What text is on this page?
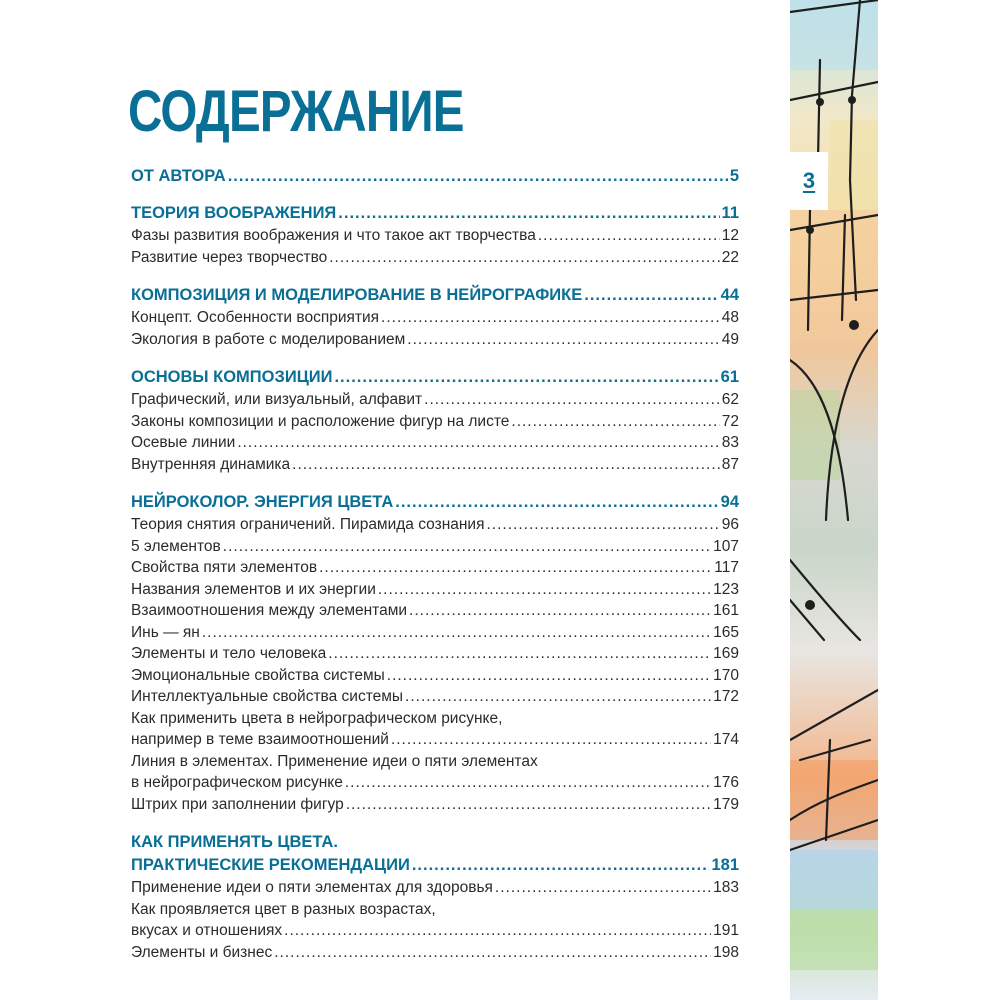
СОДЕРЖАНИЕ
ОТ АВТОРА .....	5
ТЕОРИЯ ВООБРАЖЕНИЯ .....	11
Фазы развития воображения и что такое акт творчества .....	12
Развитие через творчество .....	22
КОМПОЗИЦИЯ И МОДЕЛИРОВАНИЕ В НЕЙРОГРАФИКЕ .....	44
Концепт. Особенности восприятия .....	48
Экология в работе с моделированием .....	49
ОСНОВЫ КОМПОЗИЦИИ .....	61
Графический, или визуальный, алфавит .....	62
Законы композиции и расположение фигур на листе .....	72
Осевые линии .....	83
Внутренняя динамика .....	87
НЕЙРОКОЛОР. ЭНЕРГИЯ ЦВЕТА .....	94
Теория снятия ограничений. Пирамида сознания .....	96
5 элементов .....	107
Свойства пяти элементов .....	117
Названия элементов и их энергии .....	123
Взаимоотношения между элементами .....	161
Инь — ян .....	165
Элементы и тело человека .....	169
Эмоциональные свойства системы .....	170
Интеллектуальные свойства системы .....	172
Как применить цвета в нейрографическом рисунке,
например в теме взаимоотношений .....	174
Линия в элементах. Применение идеи о пяти элементах
в нейрографическом рисунке .....	176
Штрих при заполнении фигур .....	179
КАК ПРИМЕНЯТЬ ЦВЕТА.
ПРАКТИЧЕСКИЕ РЕКОМЕНДАЦИИ .....	181
Применение идеи о пяти элементах для здоровья .....	183
Как проявляется цвет в разных возрастах,
вкусах и отношениях .....	191
Элементы и бизнес .....	198
3
